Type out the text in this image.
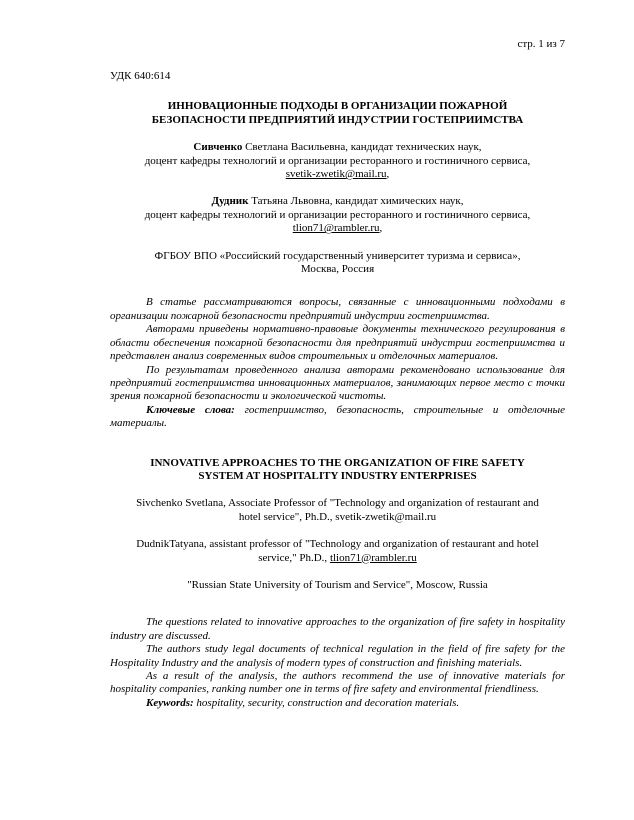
стр. 1 из 7
УДК 640:614
ИННОВАЦИОННЫЕ ПОДХОДЫ В ОРГАНИЗАЦИИ ПОЖАРНОЙ
БЕЗОПАСНОСТИ ПРЕДПРИЯТИЙ ИНДУСТРИИ ГОСТЕПРИИМСТВА
Сивченко Светлана Васильевна, кандидат технических наук,
доцент кафедры технологий и организации ресторанного и гостиничного сервиса,
svetik-zwetik@mail.ru,
Дудник Татьяна Львовна, кандидат химических наук,
доцент кафедры технологий и организации ресторанного и гостиничного сервиса,
tlion71@rambler.ru,
ФГБОУ ВПО «Российский государственный университет туризма и сервиса»,
Москва, Россия

В статье рассматриваются вопросы, связанные с инновационными подходами в организации пожарной безопасности предприятий индустрии гостеприимства.

Авторами приведены нормативно-правовые документы технического регулирования в области обеспечения пожарной безопасности для предприятий индустрии гостеприимства и представлен анализ современных видов строительных и отделочных материалов.

По результатам проведенного анализа авторами рекомендовано использование для предприятий гостеприимства инновационных материалов, занимающих первое место с точки зрения пожарной безопасности и экологической чистоты.

Ключевые слова: гостеприимство, безопасность, строительные и отделочные материалы.

INNOVATIVE APPROACHES TO THE ORGANIZATION OF FIRE SAFETY
SYSTEM AT HOSPITALITY INDUSTRY ENTERPRISES
Sivchenko Svetlana, Associate Professor of "Technology and organization of restaurant and
hotel service", Ph.D., svetik-zwetik@mail.ru
DudnikTatyana, assistant professor of "Technology and organization of restaurant and hotel
service," Ph.D., tlion71@rambler.ru
"Russian State University of Tourism and Service", Moscow, Russia

The questions related to innovative approaches to the organization of fire safety in hospitality industry are discussed.

The authors study legal documents of technical regulation in the field of fire safety for the Hospitality Industry and the analysis of modern types of construction and finishing materials.

As a result of the analysis, the authors recommend the use of innovative materials for hospitality companies, ranking number one in terms of fire safety and environmental friendliness.

Keywords: hospitality, security, construction and decoration materials.
